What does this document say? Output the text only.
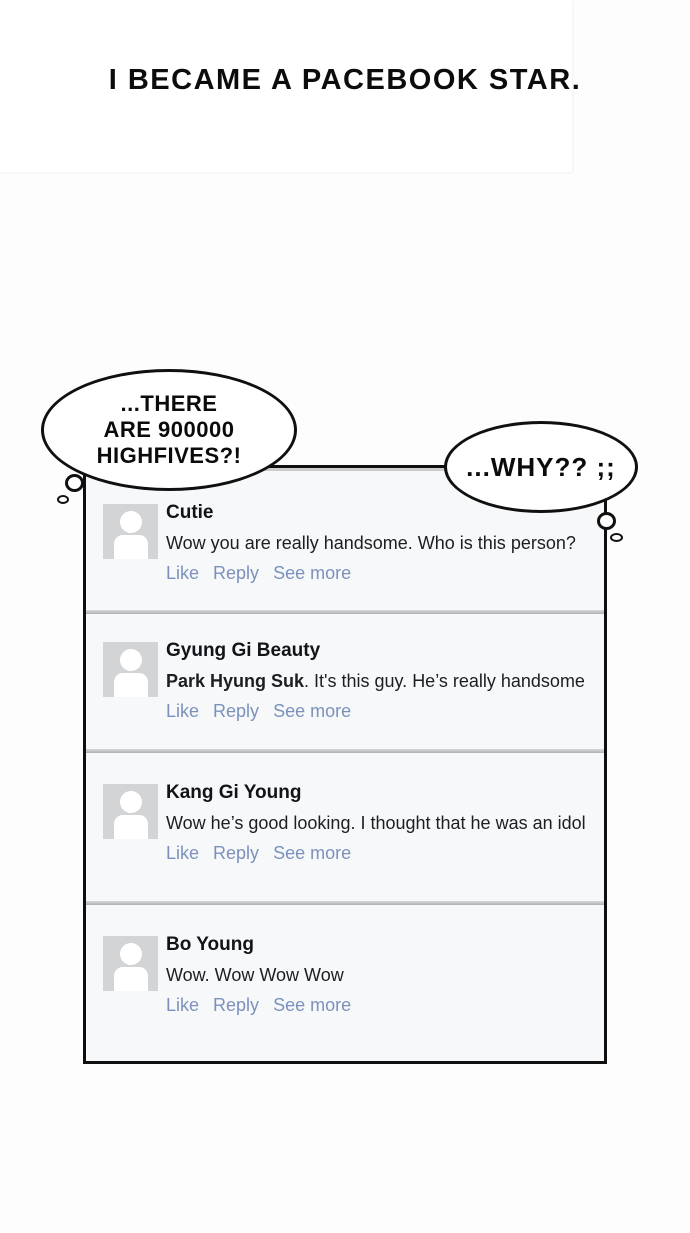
I BECAME A PACEBOOK STAR.
Cutie
Wow you are really handsome. Who is this person?
Like Reply See more
Gyung Gi Beauty
Park Hyung Suk. It's this guy. He’s really handsome
Like Reply See more
Kang Gi Young
Wow he’s good looking. I thought that he was an idol
Like Reply See more
Bo Young
Wow. Wow Wow Wow
Like Reply See more
...THERE
ARE 900000
HIGHFIVES?!	...WHY?? ;;
